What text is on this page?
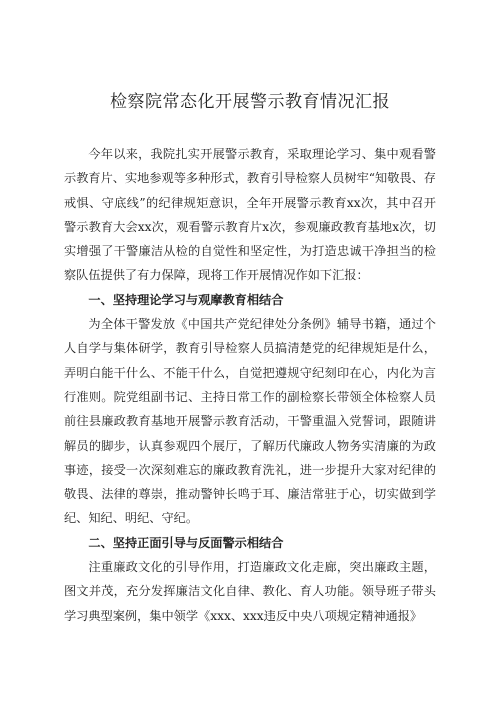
检察院常态化开展警示教育情况汇报

今年以来，我院扎实开展警示教育，采取理论学习、集中观看警示教育片、实地参观等多种形式，教育引导检察人员树牢“知敬畏、存戒惧、守底线”的纪律规矩意识，全年开展警示教育xx次，其中召开警示教育大会xx次，观看警示教育片x次，参观廉政教育基地x次，切实增强了干警廉洁从检的自觉性和坚定性，为打造忠诚干净担当的检察队伍提供了有力保障，现将工作开展情况作如下汇报：

一、坚持理论学习与观摩教育相结合

为全体干警发放《中国共产党纪律处分条例》辅导书籍，通过个人自学与集体研学，教育引导检察人员搞清楚党的纪律规矩是什么，弄明白能干什么、不能干什么，自觉把遵规守纪刻印在心，内化为言行准则。院党组副书记、主持日常工作的副检察长带领全体检察人员前往县廉政教育基地开展警示教育活动，干警重温入党誓词，跟随讲解员的脚步，认真参观四个展厅，了解历代廉政人物务实清廉的为政事迹，接受一次深刻难忘的廉政教育洗礼，进一步提升大家对纪律的敬畏、法律的尊崇，推动警钟长鸣于耳、廉洁常驻于心，切实做到学纪、知纪、明纪、守纪。

二、坚持正面引导与反面警示相结合

注重廉政文化的引导作用，打造廉政文化走廊，突出廉政主题，图文并茂，充分发挥廉洁文化自律、教化、育人功能。领导班子带头学习典型案例，集中领学《xxx、xxx违反中央八项规定精神通报》
